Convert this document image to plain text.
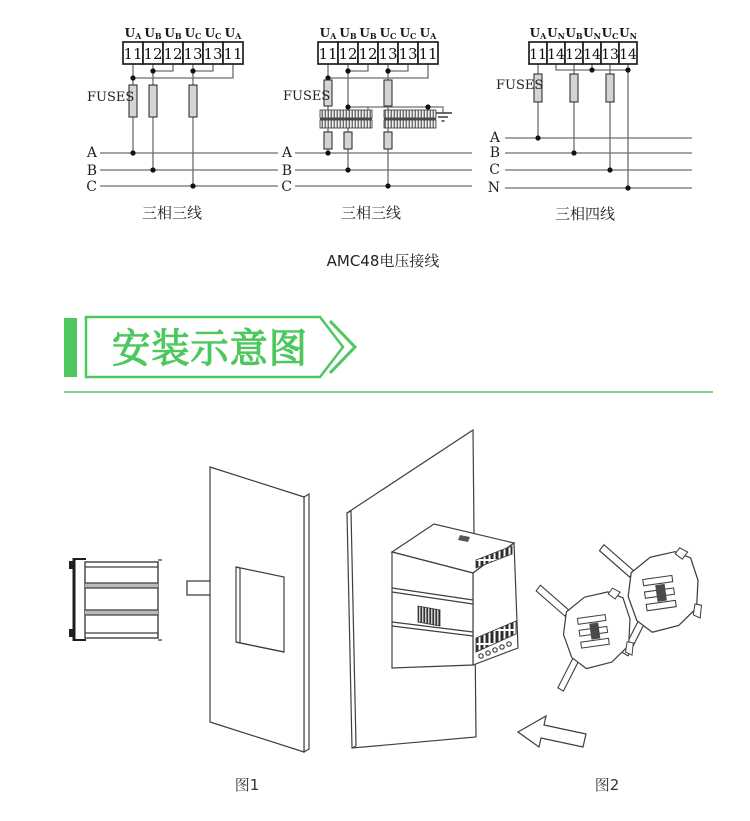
UA UB UB UC UC UA
11 12 12 13 13 11
FUSES
A
B
C
三相三线
UA UB UB UC UC UA
11 12 12 13 13 11
FUSES
A
B
C
三相三线
UA UN UB UN UC UN
11 14 12 14 13 14
FUSES
A
B
C
N
三相四线
AMC48电压接线
安装示意图
图1	图2
